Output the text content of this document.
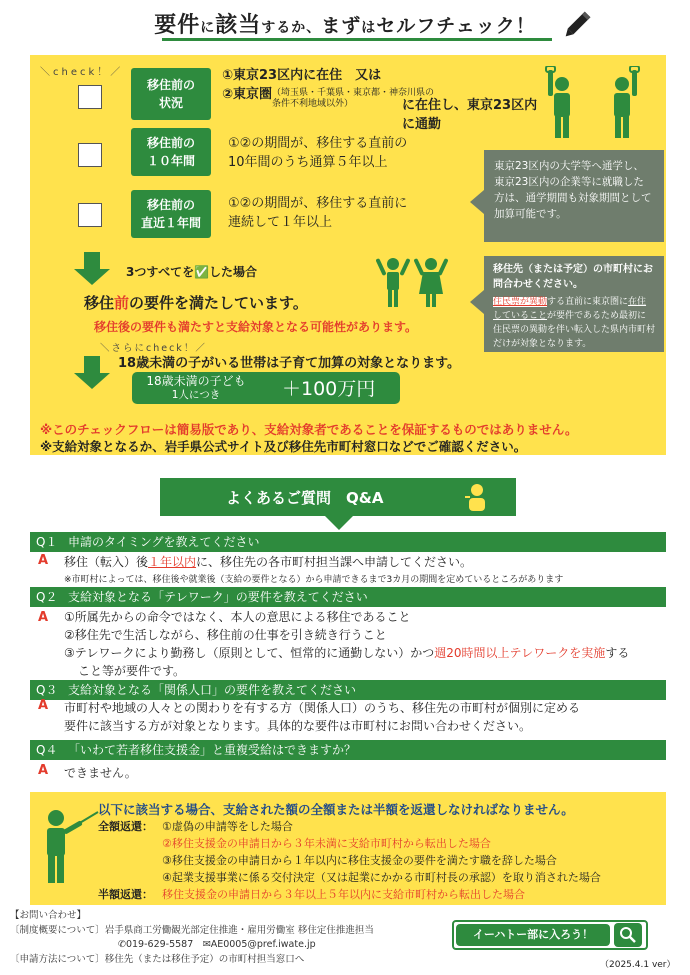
要件に該当するか、まずはセルフチェック！
＼check！／
移住前の
状況
①東京23区内に在住　又は
②東京圏 （埼玉県・千葉県・東京都・神奈川県の
条件不利地域以外）	に在住し、東京23区内に通勤
移住前の
１０年間
①②の期間が、移住する直前の
10年間のうち通算５年以上
移住前の
直近１年間
①②の期間が、移住する直前に
連続して１年以上
東京23区内の大学等へ通学し、東京23区内の企業等に就職した方は、通学期間も対象期間として加算可能です。
3つすべてを✅した場合
移住前の要件を満たしています。
移住後の要件も満たすと支給対象となる可能性があります。
移住先（または予定）の市町村にお問合わせください。
住民票が異動する直前に東京圏に在住していることが要件であるため最初に住民票の異動を伴い転入した県内市町村だけが対象となります。
＼さらにcheck！／
18歳未満の子がいる世帯は子育て加算の対象となります。
18歳未満の子ども
1人につき	＋100万円
※このチェックフローは簡易版であり、支給対象者であることを保証するものではありません。
※支給対象となるか、岩手県公式サイト及び移住先市町村窓口などでご確認ください。
よくあるご質問　Q&A
Q１ 申請のタイミングを教えてください
A 移住（転入）後１年以内に、移住先の各市町村担当課へ申請してください。
※市町村によっては、移住後や就業後（支給の要件となる）から申請できるまで3カ月の期間を定めているところがあります
Q２ 支給対象となる「テレワーク」の要件を教えてください
A ①所属先からの命令ではなく、本人の意思による移住であること
②移住先で生活しながら、移住前の仕事を引き続き行うこと
③テレワークにより勤務し（原則として、恒常的に通勤しない）かつ週20時間以上テレワークを実施する
こと等が要件です。
Q３ 支給対象となる「関係人口」の要件を教えてください
A 市町村や地域の人々との関わりを有する方（関係人口）のうち、移住先の市町村が個別に定める
要件に該当する方が対象となります。具体的な要件は市町村にお問い合わせください。
Q４ 「いわて若者移住支援金」と重複受給はできますか？
A できません。
以下に該当する場合、支給された額の全額または半額を返還しなければなりません。
全額返還： ①虚偽の申請等をした場合
②移住支援金の申請日から３年未満に支給市町村から転出した場合
③移住支援金の申請日から１年以内に移住支援金の要件を満たす職を辞した場合
④起業支援事業に係る交付決定（又は起業にかかる市町村長の承認）を取り消された場合
半額返還： 移住支援金の申請日から３年以上５年以内に支給市町村から転出した場合
【お問い合わせ】
〔制度概要について〕岩手県商工労働観光部定住推進・雇用労働室 移住定住推進担当
✆019-629-5587　✉AE0005@pref.iwate.jp
〔申請方法について〕移住先（または移住予定）の市町村担当窓口へ
イーハトー部に入ろう！
（2025.4.1 ver）
